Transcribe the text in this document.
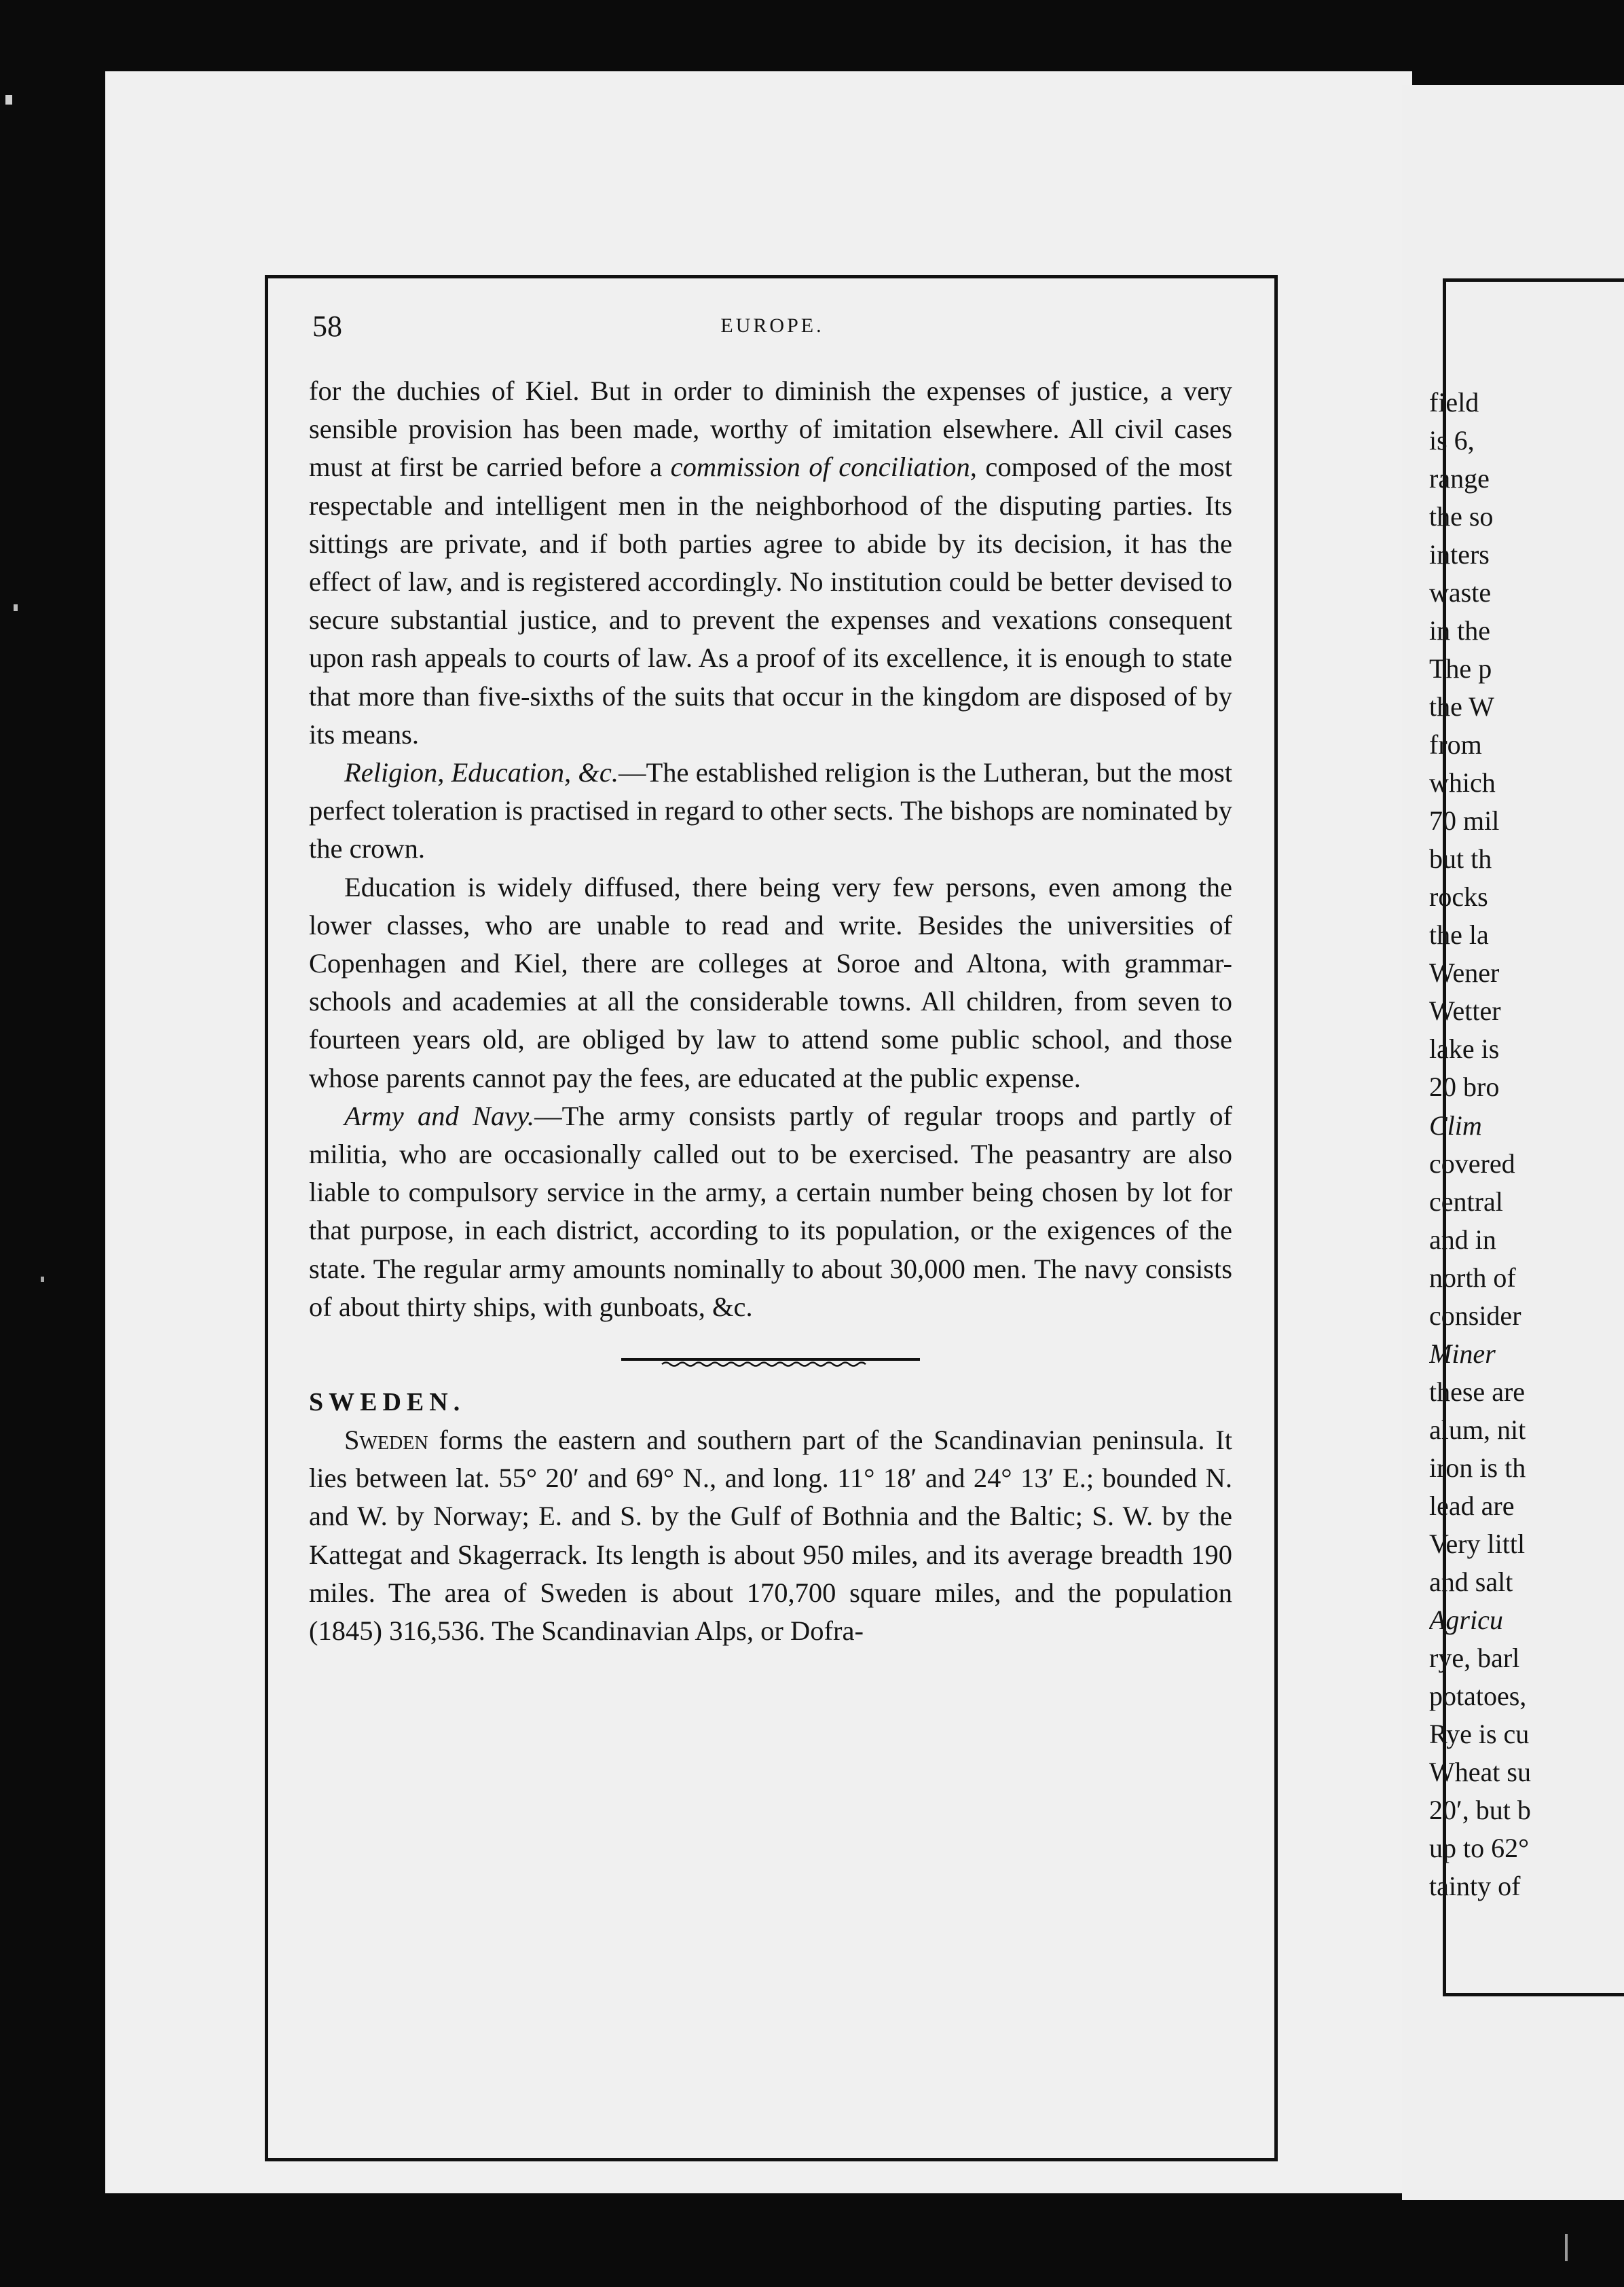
58	EUROPE.

for the duchies of Kiel. But in order to diminish the expenses of justice, a very sensible provision has been made, worthy of imitation elsewhere. All civil cases must at first be carried before a commission of conciliation, composed of the most respectable and intelligent men in the neighborhood of the disputing parties. Its sittings are private, and if both parties agree to abide by its decision, it has the effect of law, and is registered accordingly. No institution could be better devised to secure substantial justice, and to prevent the expenses and vexations consequent upon rash appeals to courts of law. As a proof of its excellence, it is enough to state that more than five-sixths of the suits that occur in the kingdom are disposed of by its means.

Religion, Education, &c.—The established religion is the Lutheran, but the most perfect toleration is practised in regard to other sects. The bishops are nominated by the crown.

Education is widely diffused, there being very few persons, even among the lower classes, who are unable to read and write. Besides the universities of Copenhagen and Kiel, there are colleges at Soroe and Altona, with grammar-schools and academies at all the considerable towns. All children, from seven to fourteen years old, are obliged by law to attend some public school, and those whose parents cannot pay the fees, are educated at the public expense.

Army and Navy.—The army consists partly of regular troops and partly of militia, who are occasionally called out to be exercised. The peasantry are also liable to compulsory service in the army, a certain number being chosen by lot for that purpose, in each district, according to its population, or the exigences of the state. The regular army amounts nominally to about 30,000 men. The navy consists of about thirty ships, with gunboats, &c.

SWEDEN.

Sweden forms the eastern and southern part of the Scandinavian peninsula. It lies between lat. 55° 20′ and 69° N., and long. 11° 18′ and 24° 13′ E.; bounded N. and W. by Norway; E. and S. by the Gulf of Bothnia and the Baltic; S. W. by the Kattegat and Skagerrack. Its length is about 950 miles, and its average breadth 190 miles. The area of Sweden is about 170,700 square miles, and the population (1845) 316,536. The Scandinavian Alps, or Dofra-

field
is 6,
range
the so
inters
waste
in the
The p
the W
from
which
70 mil
but th
rocks
the la
Wener
Wetter
lake is
20 bro
Clim
covered
central
and in
north of
consider
Miner
these are
alum, nit
iron is th
lead are
Very littl
and salt
Agricu
rye, barl
potatoes,
Rye is cu
Wheat su
20′, but b
up to 62°
tainty of
